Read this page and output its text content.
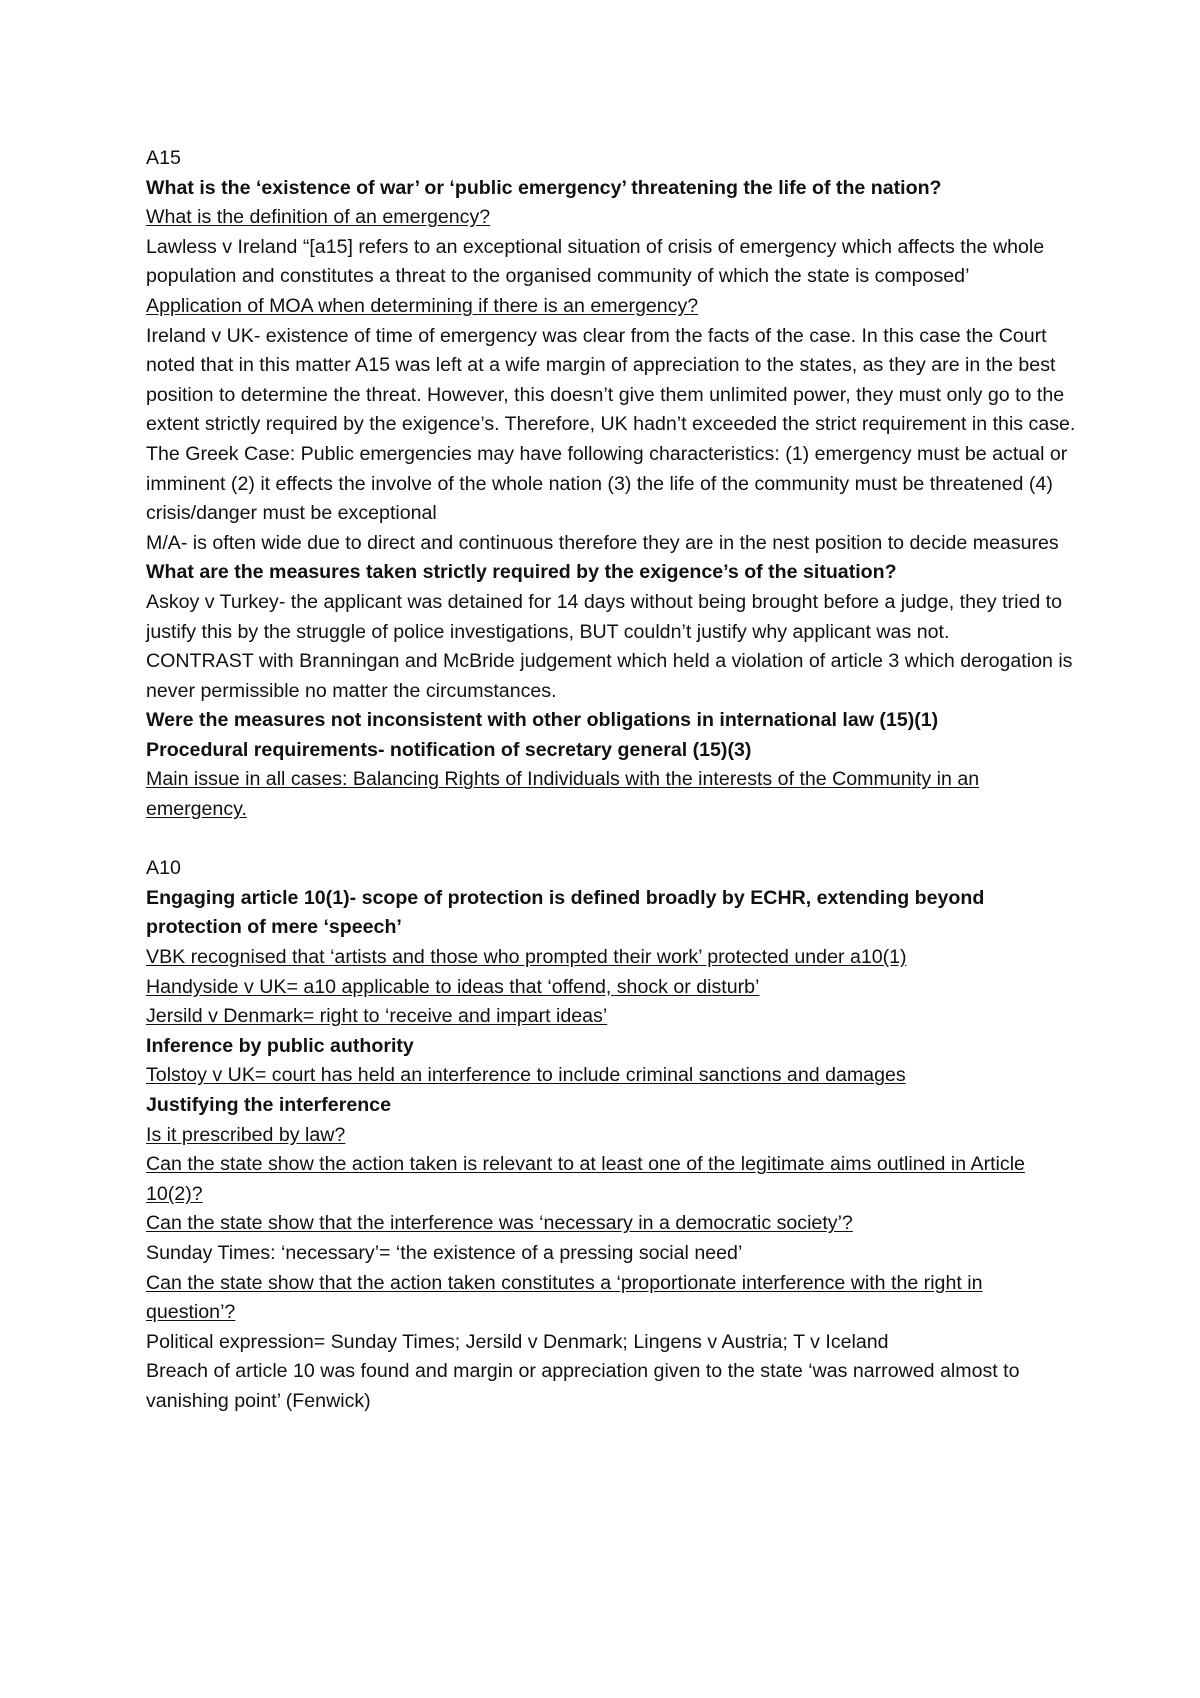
A15
What is the ‘existence of war’ or ‘public emergency’ threatening the life of the nation?
What is the definition of an emergency?
Lawless v Ireland “[a15] refers to an exceptional situation of crisis of emergency which affects the whole population and constitutes a threat to the organised community of which the state is composed’
Application of MOA when determining if there is an emergency?
Ireland v UK- existence of time of emergency was clear from the facts of the case. In this case the Court noted that in this matter A15 was left at a wife margin of appreciation to the states, as they are in the best position to determine the threat. However, this doesn’t give them unlimited power, they must only go to the extent strictly required by the exigence’s. Therefore, UK hadn’t exceeded the strict requirement in this case.
The Greek Case: Public emergencies may have following characteristics: (1) emergency must be actual or imminent (2) it effects the involve of the whole nation (3) the life of the community must be threatened (4) crisis/danger must be exceptional
M/A- is often wide due to direct and continuous therefore they are in the nest position to decide measures
What are the measures taken strictly required by the exigence’s of the situation?
Askoy v Turkey- the applicant was detained for 14 days without being brought before a judge, they tried to justify this by the struggle of police investigations, BUT couldn’t justify why applicant was not.
CONTRAST with Branningan and McBride judgement which held a violation of article 3 which derogation is never permissible no matter the circumstances.
Were the measures not inconsistent with other obligations in international law (15)(1)
Procedural requirements- notification of secretary general (15)(3)
Main issue in all cases: Balancing Rights of Individuals with the interests of the Community in an emergency.
A10
Engaging article 10(1)- scope of protection is defined broadly by ECHR, extending beyond protection of mere ‘speech’
VBK recognised that ‘artists and those who prompted their work’ protected under a10(1)
Handyside v UK= a10 applicable to ideas that ‘offend, shock or disturb’
Jersild v Denmark= right to ‘receive and impart ideas’
Inference by public authority
Tolstoy v UK= court has held an interference to include criminal sanctions and damages
Justifying the interference
Is it prescribed by law?
Can the state show the action taken is relevant to at least one of the legitimate aims outlined in Article 10(2)?
Can the state show that the interference was ‘necessary in a democratic society’?
Sunday Times: ‘necessary’= ‘the existence of a pressing social need’
Can the state show that the action taken constitutes a ‘proportionate interference with the right in question’?
Political expression= Sunday Times; Jersild v Denmark; Lingens v Austria; T v Iceland
Breach of article 10 was found and margin or appreciation given to the state ‘was narrowed almost to vanishing point’ (Fenwick)
